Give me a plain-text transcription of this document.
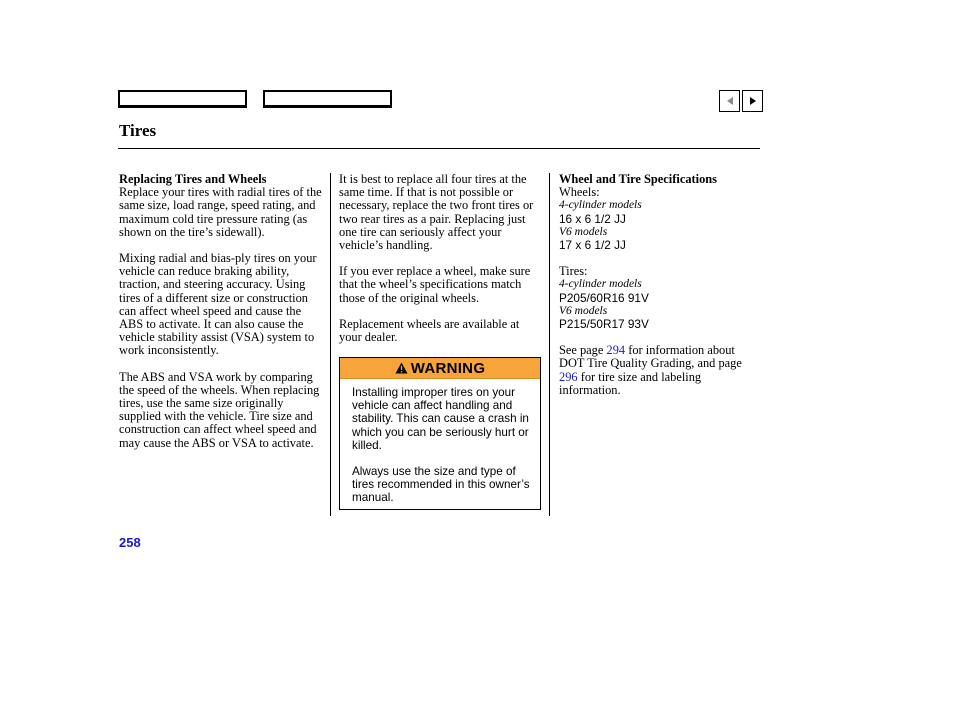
Tires

Replacing Tires and Wheels

Replace your tires with radial tires of the same size, load range, speed rating, and maximum cold tire pressure rating (as shown on the tire’s sidewall).

Mixing radial and bias-ply tires on your vehicle can reduce braking ability, traction, and steering accuracy. Using tires of a different size or construction can affect wheel speed and cause the ABS to activate. It can also cause the vehicle stability assist (VSA) system to work inconsistently.

The ABS and VSA work by comparing the speed of the wheels. When replacing tires, use the same size originally supplied with the vehicle. Tire size and construction can affect wheel speed and may cause the ABS or VSA to activate.

It is best to replace all four tires at the same time. If that is not possible or necessary, replace the two front tires or two rear tires as a pair. Replacing just one tire can seriously affect your vehicle’s handling.

If you ever replace a wheel, make sure that the wheel’s specifications match those of the original wheels.

Replacement wheels are available at your dealer.

WARNING

Installing improper tires on your vehicle can affect handling and stability. This can cause a crash in which you can be seriously hurt or killed.

Always use the size and type of tires recommended in this owner’s manual.

Wheel and Tire Specifications

Wheels:

4-cylinder models

16 x 6 1/2 JJ

V6 models

17 x 6 1/2 JJ

Tires:

4-cylinder models

P205/60R16 91V

V6 models

P215/50R17 93V

See page 294 for information about DOT Tire Quality Grading, and page 296 for tire size and labeling information.

258
